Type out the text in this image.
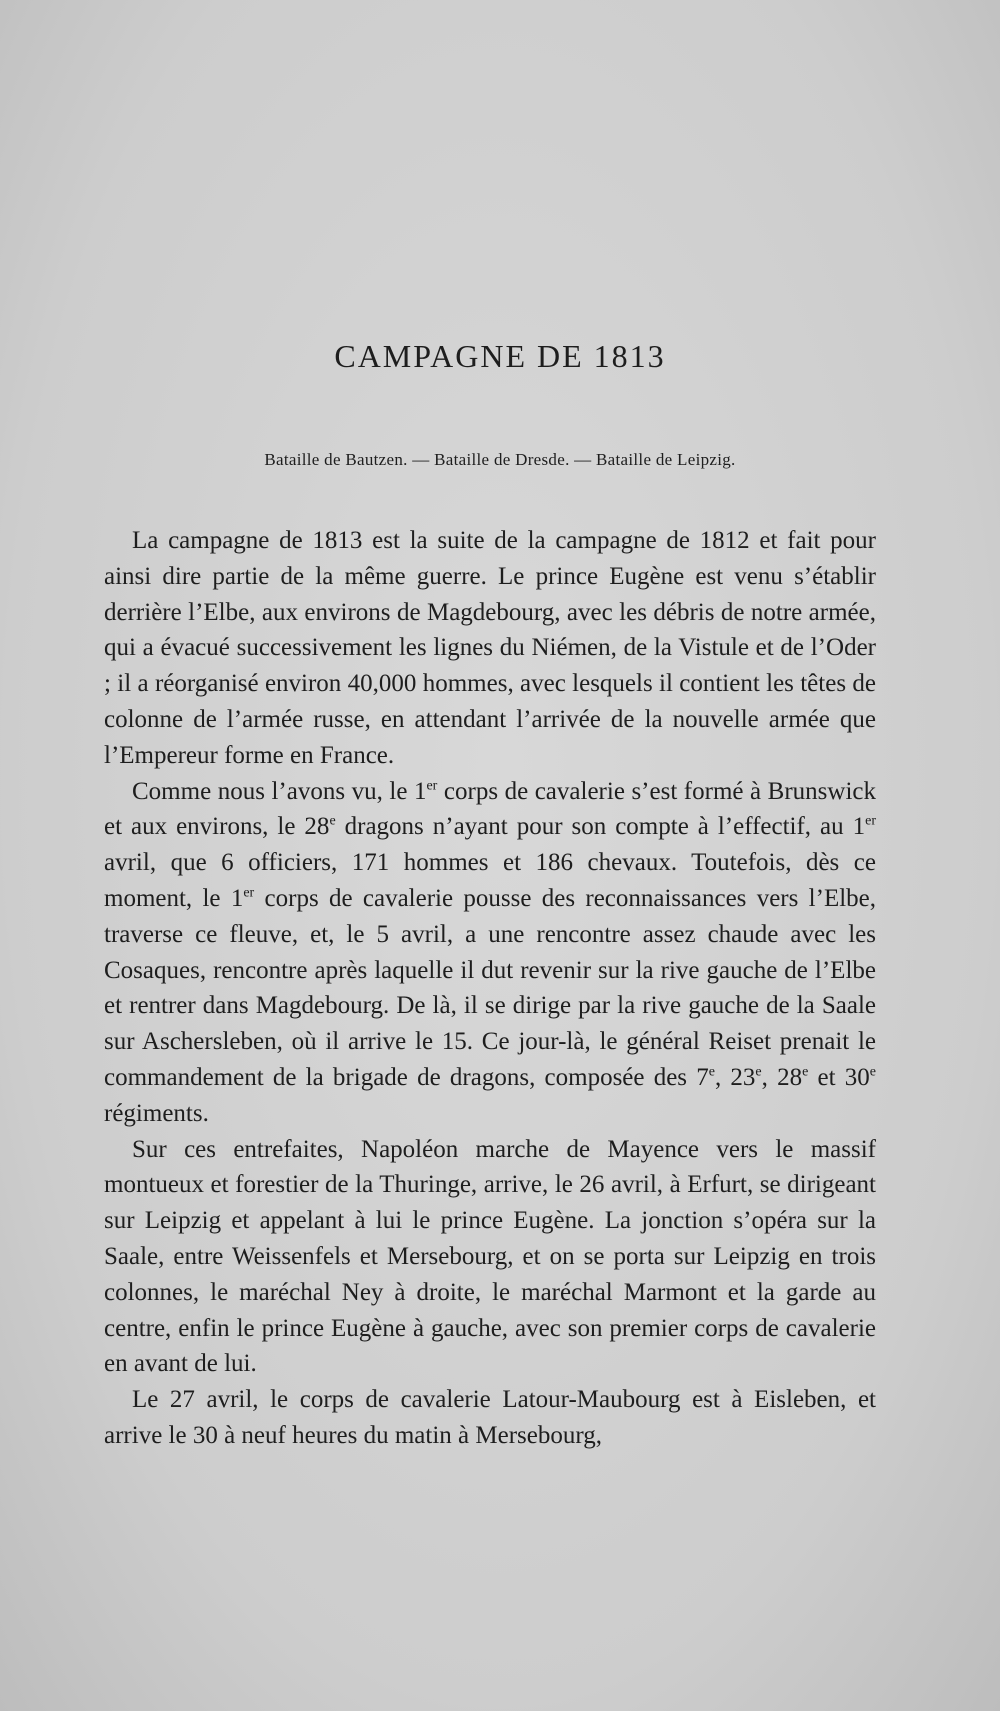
CAMPAGNE DE 1813
Bataille de Bautzen. — Bataille de Dresde. — Bataille de Leipzig.

La campagne de 1813 est la suite de la campagne de 1812 et fait pour ainsi dire partie de la même guerre. Le prince Eugène est venu s’établir derrière l’Elbe, aux environs de Magdebourg, avec les débris de notre armée, qui a évacué successivement les lignes du Niémen, de la Vistule et de l’Oder ; il a réorganisé environ 40,000 hommes, avec lesquels il contient les têtes de colonne de l’armée russe, en attendant l’arrivée de la nouvelle armée que l’Empereur forme en France.

Comme nous l’avons vu, le 1er corps de cavalerie s’est formé à Brunswick et aux environs, le 28e dragons n’ayant pour son compte à l’effectif, au 1er avril, que 6 officiers, 171 hommes et 186 chevaux. Toutefois, dès ce moment, le 1er corps de cavalerie pousse des reconnaissances vers l’Elbe, traverse ce fleuve, et, le 5 avril, a une rencontre assez chaude avec les Cosaques, rencontre après laquelle il dut revenir sur la rive gauche de l’Elbe et rentrer dans Magdebourg. De là, il se dirige par la rive gauche de la Saale sur Aschersleben, où il arrive le 15. Ce jour-là, le général Reiset prenait le commandement de la brigade de dragons, composée des 7e, 23e, 28e et 30e régiments.

Sur ces entrefaites, Napoléon marche de Mayence vers le massif montueux et forestier de la Thuringe, arrive, le 26 avril, à Erfurt, se dirigeant sur Leipzig et appelant à lui le prince Eugène. La jonction s’opéra sur la Saale, entre Weissenfels et Mersebourg, et on se porta sur Leipzig en trois colonnes, le maréchal Ney à droite, le maréchal Marmont et la garde au centre, enfin le prince Eugène à gauche, avec son premier corps de cavalerie en avant de lui.

Le 27 avril, le corps de cavalerie Latour-Maubourg est à Eisleben, et arrive le 30 à neuf heures du matin à Mersebourg,
